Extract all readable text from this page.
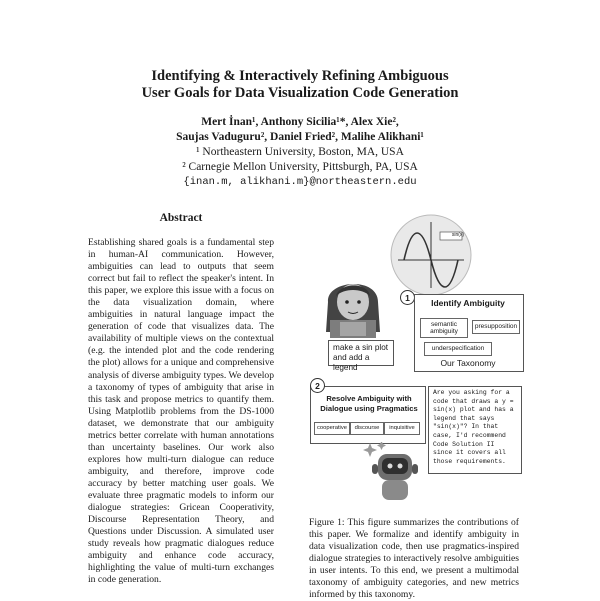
Identifying & Interactively Refining Ambiguous
User Goals for Data Visualization Code Generation
Mert İnan¹, Anthony Sicilia¹*, Alex Xie²,
Saujas Vaduguru², Daniel Fried², Malihe Alikhani¹
¹ Northeastern University, Boston, MA, USA
² Carnegie Mellon University, Pittsburgh, PA, USA
{inan.m, alikhani.m}@northeastern.edu
Abstract

Establishing shared goals is a fundamental step in human-AI communication. However, ambiguities can lead to outputs that seem correct but fail to reflect the speaker's intent. In this paper, we explore this issue with a focus on the data visualization domain, where ambiguities in natural language impact the generation of code that visualizes data. The availability of multiple views on the contextual (e.g. the intended plot and the code rendering the plot) allows for a unique and comprehensive analysis of diverse ambiguity types. We develop a taxonomy of types of ambiguity that arise in this task and propose metrics to quantify them. Using Matplotlib problems from the DS-1000 dataset, we demonstrate that our ambiguity metrics better correlate with human annotations than uncertainty baselines. Our work also explores how multi-turn dialogue can reduce ambiguity, and therefore, improve code accuracy by better matching user goals. We evaluate three pragmatic models to inform our dialogue strategies: Gricean Cooperativity, Discourse Representation Theory, and Questions under Discussion. A simulated user study reveals how pragmatic dialogues reduce ambiguity and enhance code accuracy, highlighting the value of multi-turn exchanges in code generation.

sin(x)
make a sin plot and add a legend
1
Identify Ambiguity
semantic ambiguity
presupposition
underspecification
Our Taxonomy
2
Resolve Ambiguity with Dialogue using Pragmatics
cooperative	discourse	inquisitive
Are you asking for a code that draws a y = sin(x) plot and has a legend that says "sin(x)"? In that case, I'd recommend Code Solution II since it covers all those requirements.
Figure 1: This figure summarizes the contributions of this paper. We formalize and identify ambiguity in data visualization code, then use pragmatics-inspired dialogue strategies to interactively resolve ambiguities in user intents. To this end, we present a multimodal taxonomy of ambiguity categories, and new metrics informed by this taxonomy.
